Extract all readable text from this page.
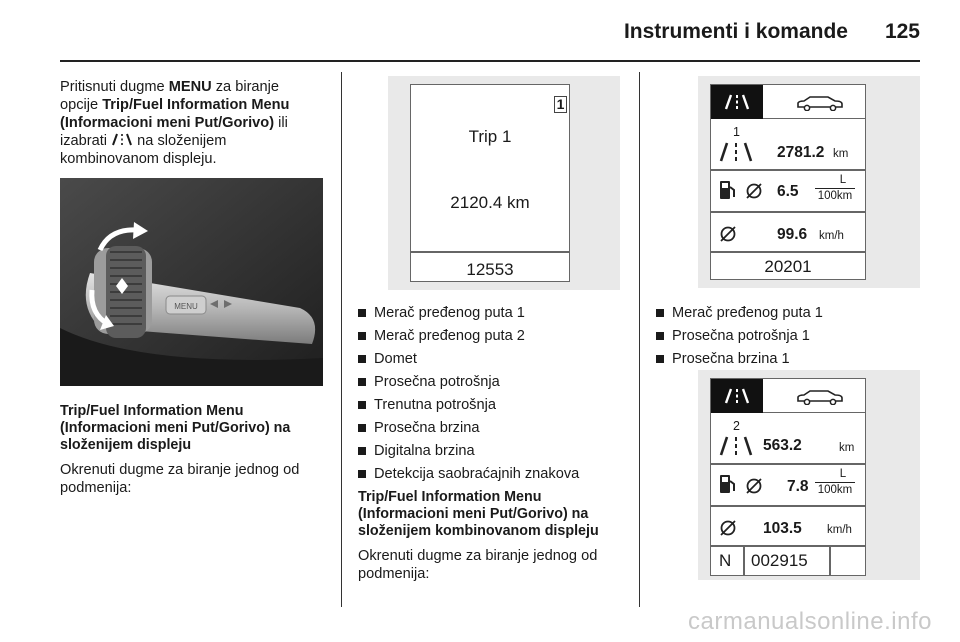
Instrumenti i komande 125
Pritisnuti dugme MENU za biranje
opcije Trip/Fuel Information Menu (Informacioni meni Put/Gorivo) ili
izabrati  na složenijem
kombinovanom displeju.
MENU
Trip/Fuel Information Menu (Informacioni meni Put/Gorivo) na složenijem displeju
Okrenuti dugme za biranje jednog od podmenija:
1
Trip 1
2120.4 km
12553
Merač pređenog puta 1
Merač pređenog puta 2
Domet
Prosečna potrošnja
Trenutna potrošnja
Prosečna brzina
Digitalna brzina
Detekcija saobraćajnih znakova
Trip/Fuel Information Menu (Informacioni meni Put/Gorivo) na složenijem kombinovanom displeju
Okrenuti dugme za biranje jednog od podmenija:
1
2781.2 km
6.5
L
100km
99.6 km/h
20201
Merač pređenog puta 1
Prosečna potrošnja 1
Prosečna brzina 1
2
563.2	km
7.8
L
100km
103.5 km/h
N 002915
carmanualsonline.info
